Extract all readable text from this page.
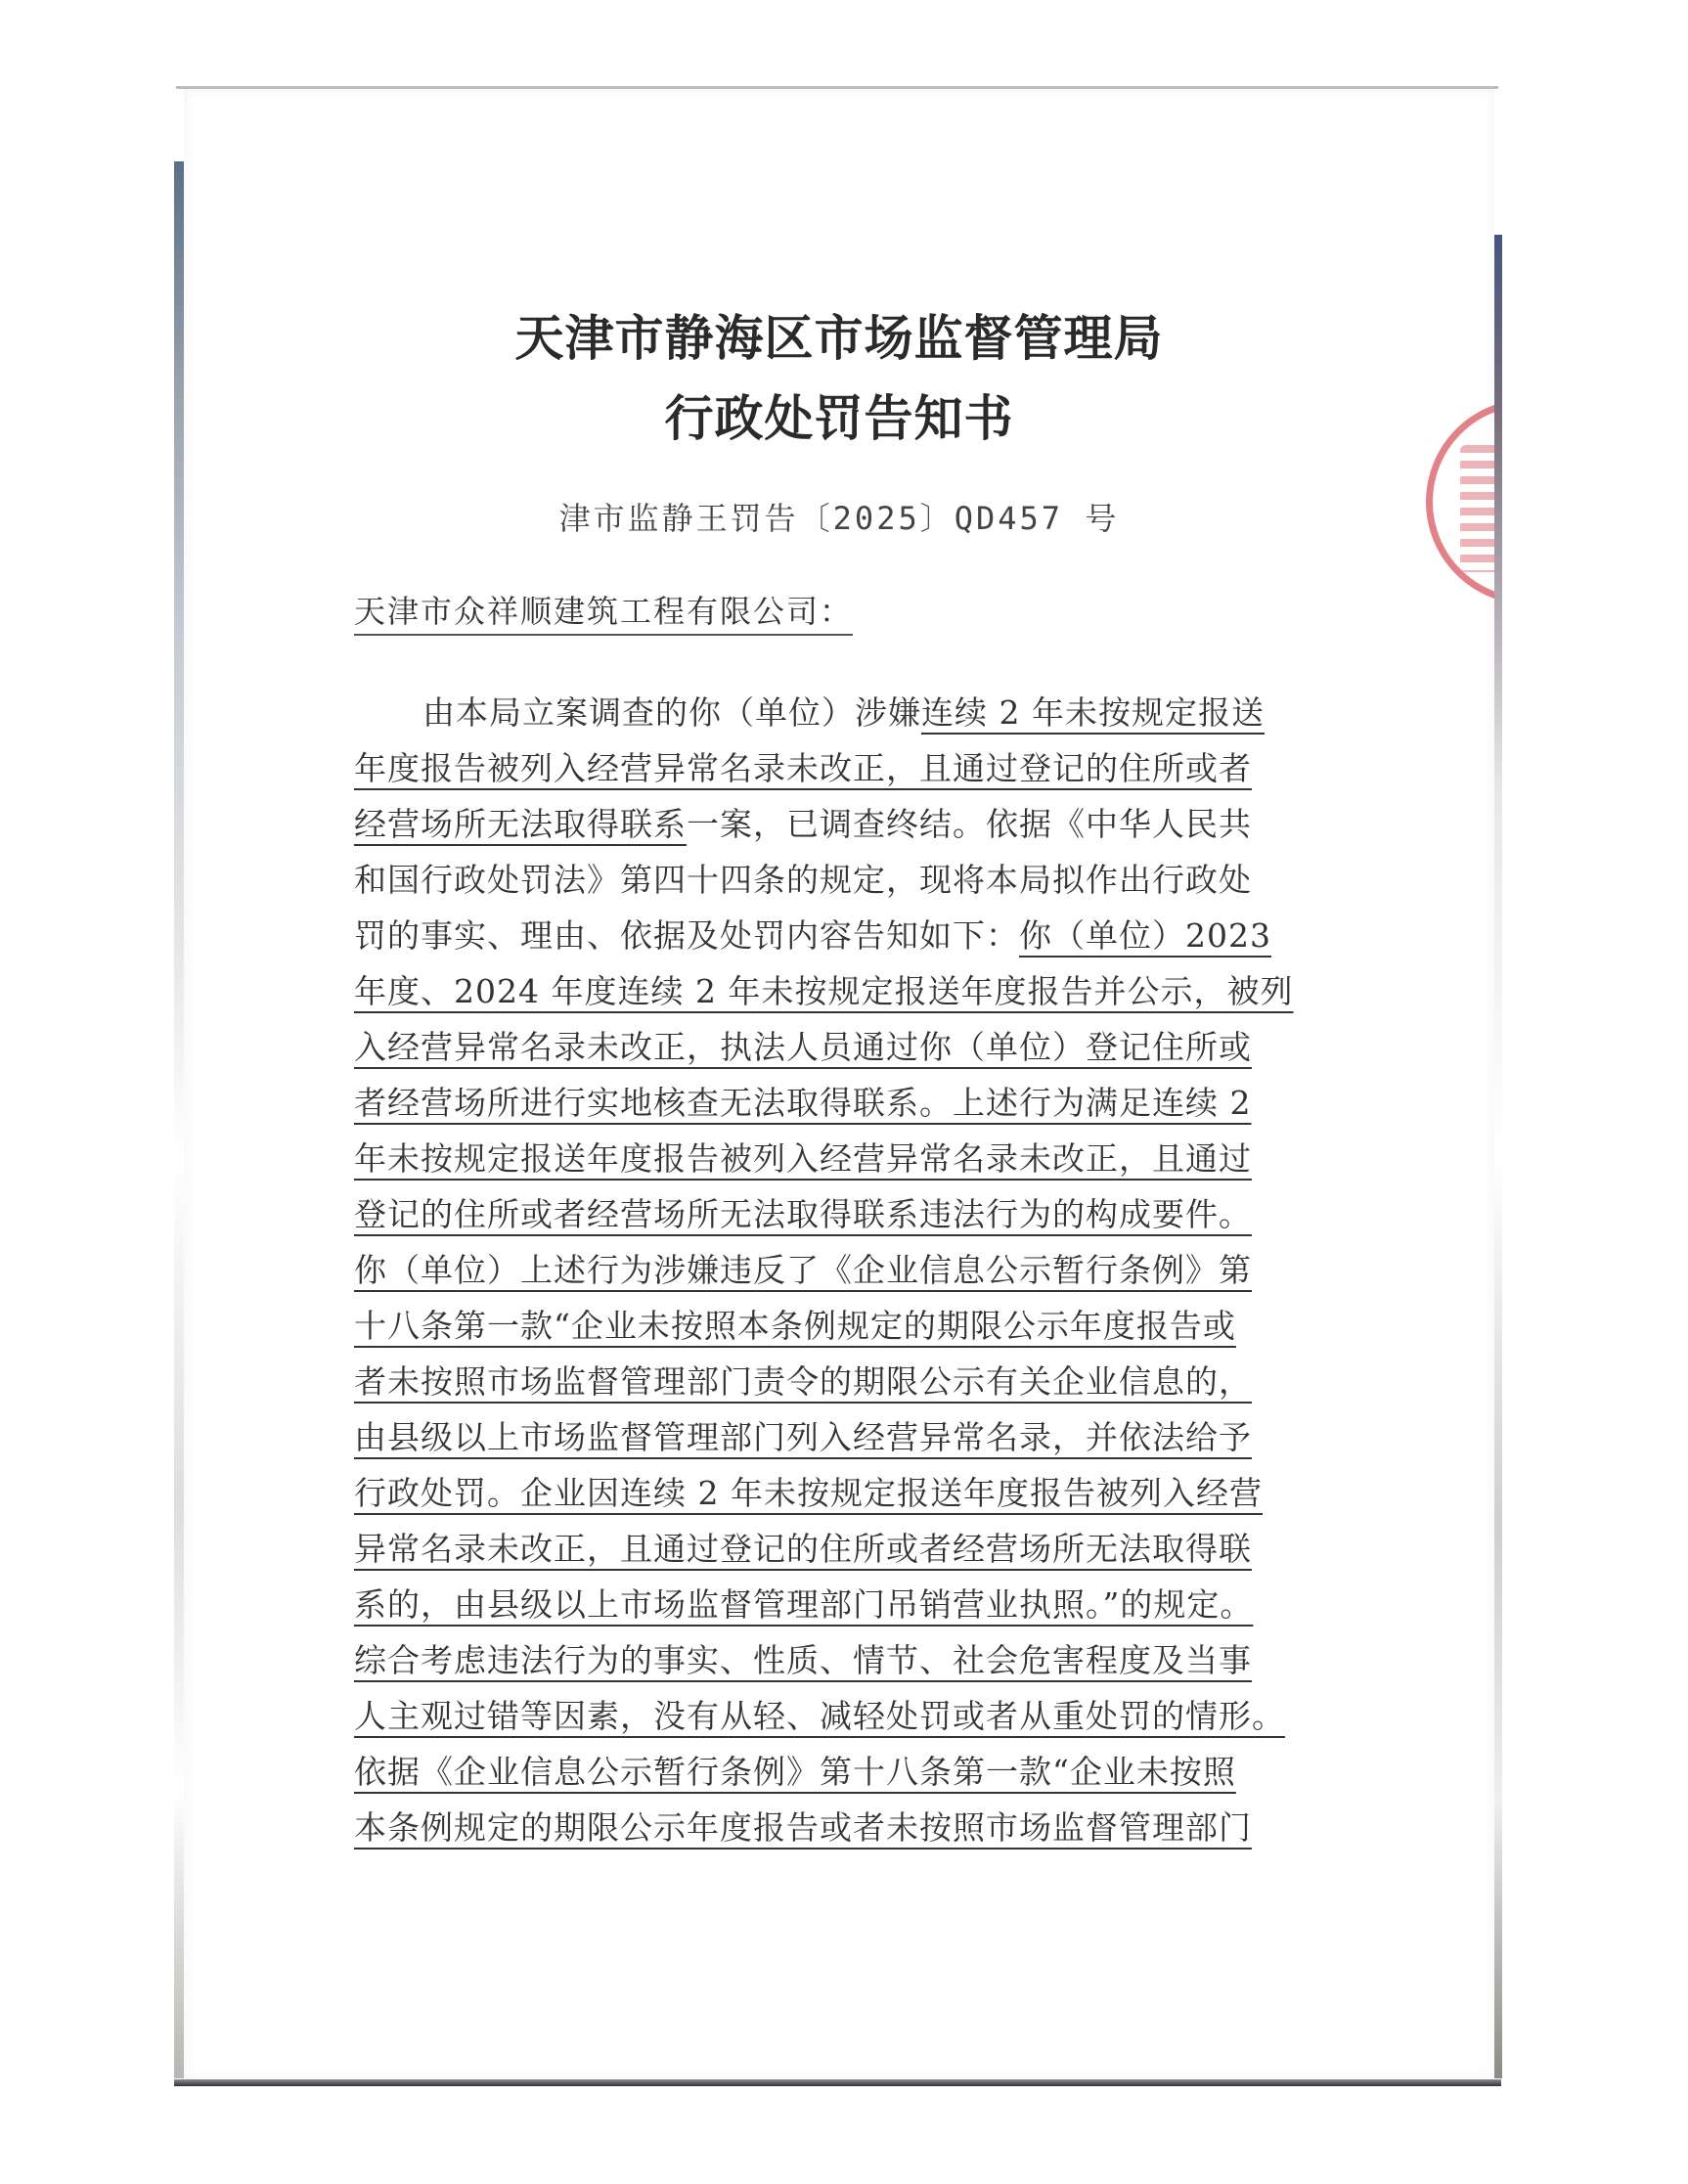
天津市静海区市场监督管理局
行政处罚告知书
津市监静王罚告〔2025〕QD457 号
天津市众祥顺建筑工程有限公司：
由本局立案调查的你（单位）涉嫌连续 2 年未按规定报送
年度报告被列入经营异常名录未改正，且通过登记的住所或者
经营场所无法取得联系一案，已调查终结。依据《中华人民共
和国行政处罚法》第四十四条的规定，现将本局拟作出行政处
罚的事实、理由、依据及处罚内容告知如下：你（单位）2023
年度、2024 年度连续 2 年未按规定报送年度报告并公示，被列
入经营异常名录未改正，执法人员通过你（单位）登记住所或
者经营场所进行实地核查无法取得联系。上述行为满足连续 2
年未按规定报送年度报告被列入经营异常名录未改正，且通过
登记的住所或者经营场所无法取得联系违法行为的构成要件。
你（单位）上述行为涉嫌违反了《企业信息公示暂行条例》第
十八条第一款“企业未按照本条例规定的期限公示年度报告或
者未按照市场监督管理部门责令的期限公示有关企业信息的，
由县级以上市场监督管理部门列入经营异常名录，并依法给予
行政处罚。企业因连续 2 年未按规定报送年度报告被列入经营
异常名录未改正，且通过登记的住所或者经营场所无法取得联
系的，由县级以上市场监督管理部门吊销营业执照。”的规定。
综合考虑违法行为的事实、性质、情节、社会危害程度及当事
人主观过错等因素，没有从轻、减轻处罚或者从重处罚的情形。
依据《企业信息公示暂行条例》第十八条第一款“企业未按照
本条例规定的期限公示年度报告或者未按照市场监督管理部门
